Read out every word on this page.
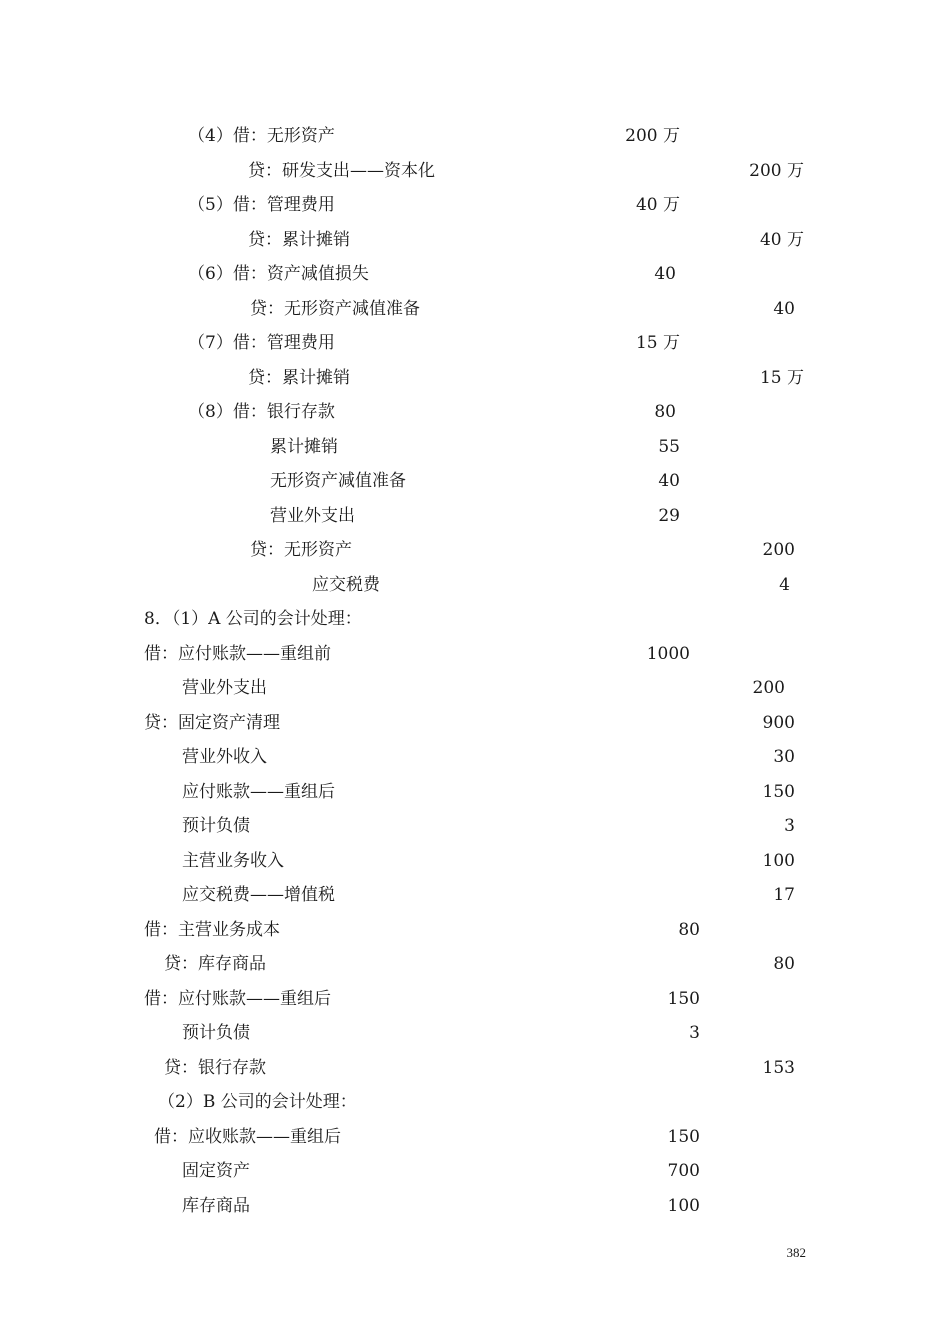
（4）借：无形资产	200 万
贷：研发支出——资本化	200 万
（5）借：管理费用	40 万
贷：累计摊销	40 万
（6）借：资产减值损失	40
贷：无形资产减值准备	40
（7）借：管理费用	15 万
贷：累计摊销	15 万
（8）借：银行存款	80
累计摊销	55
无形资产减值准备	40
营业外支出	29
贷：无形资产	200
应交税费	4
8．（1）A 公司的会计处理：
借：应付账款——重组前	1000
营业外支出	200
贷：固定资产清理	900
营业外收入	30
应付账款——重组后	150
预计负债	3
主营业务收入	100
应交税费——增值税	17
借：主营业务成本	80
贷：库存商品	80
借：应付账款——重组后	150
预计负债	3
贷：银行存款	153
（2）B 公司的会计处理：
借：应收账款——重组后	150
固定资产	700
库存商品	100
382
